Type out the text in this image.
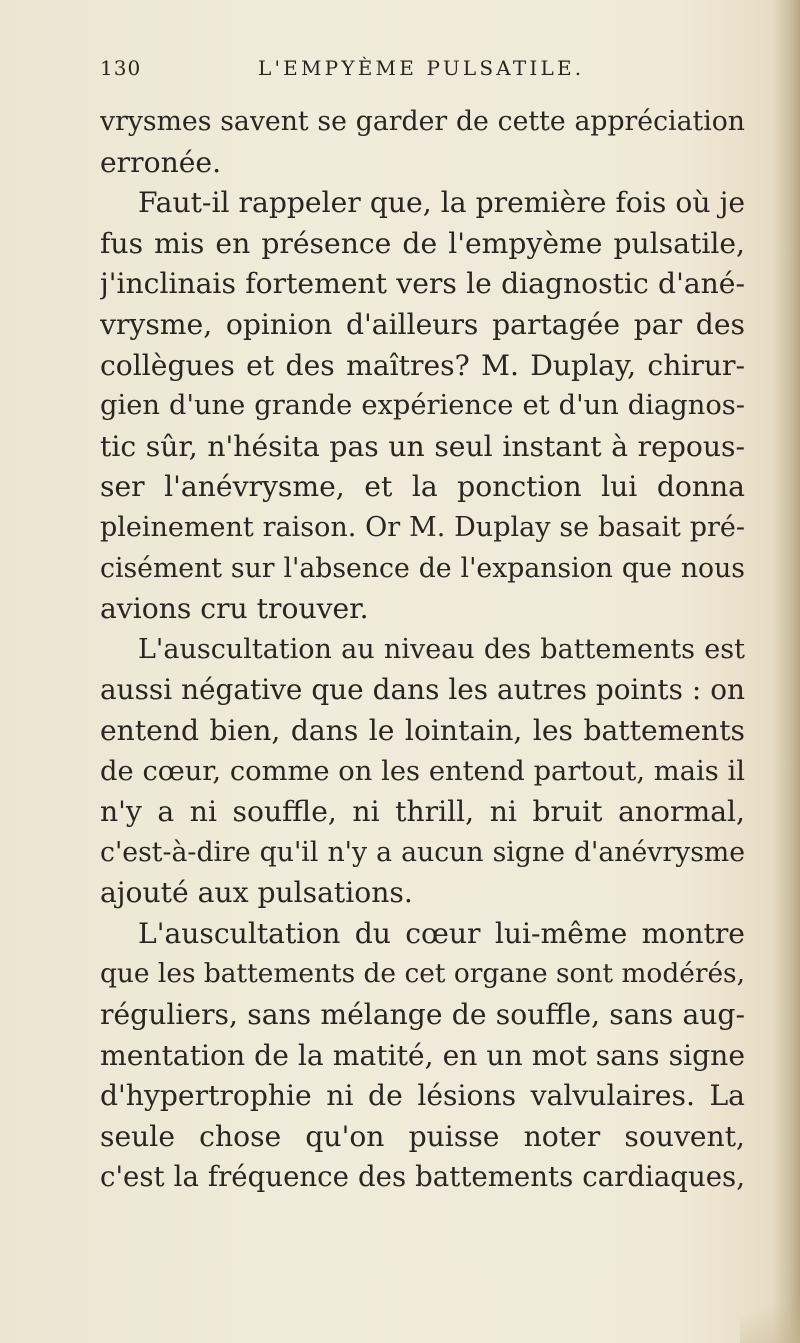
130	L'EMPYÈME PULSATILE.
vrysmes savent se garder de cette appréciation
erronée.
Faut-il rappeler que, la première fois où je
fus mis en présence de l'empyème pulsatile,
j'inclinais fortement vers le diagnostic d'ané-
vrysme, opinion d'ailleurs partagée par des
collègues et des maîtres? M. Duplay, chirur-
gien d'une grande expérience et d'un diagnos-
tic sûr, n'hésita pas un seul instant à repous-
ser l'anévrysme, et la ponction lui donna
pleinement raison. Or M. Duplay se basait pré-
cisément sur l'absence de l'expansion que nous
avions cru trouver.
L'auscultation au niveau des battements est
aussi négative que dans les autres points : on
entend bien, dans le lointain, les battements
de cœur, comme on les entend partout, mais il
n'y a ni souffle, ni thrill, ni bruit anormal,
c'est-à-dire qu'il n'y a aucun signe d'anévrysme
ajouté aux pulsations.
L'auscultation du cœur lui-même montre
que les battements de cet organe sont modérés,
réguliers, sans mélange de souffle, sans aug-
mentation de la matité, en un mot sans signe
d'hypertrophie ni de lésions valvulaires. La
seule chose qu'on puisse noter souvent,
c'est la fréquence des battements cardiaques,
